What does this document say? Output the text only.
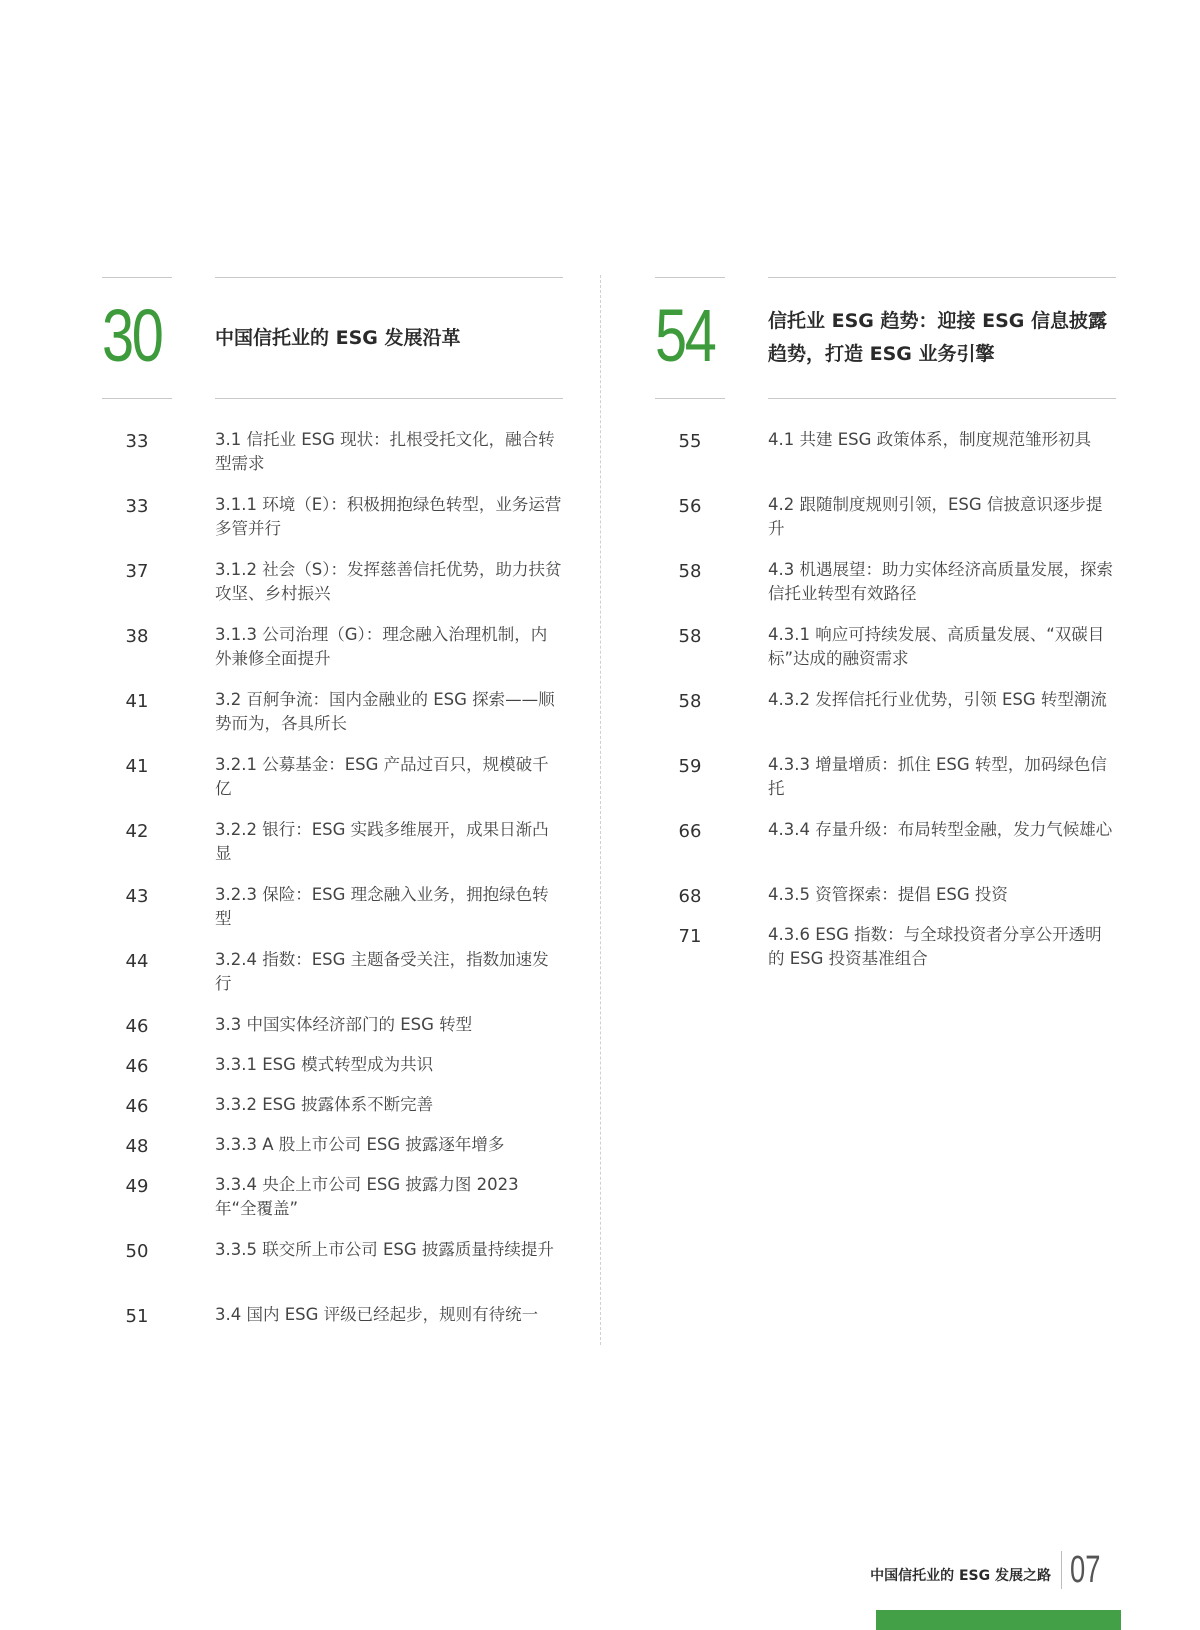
30	中国信托业的 ESG 发展沿革
33	3.1 信托业 ESG 现状：扎根受托文化，融合转型需求
33	3.1.1 环境（E）：积极拥抱绿色转型，业务运营多管并行
37	3.1.2 社会（S）：发挥慈善信托优势，助力扶贫攻坚、乡村振兴
38	3.1.3 公司治理（G）：理念融入治理机制，内外兼修全面提升
41	3.2 百舸争流：国内金融业的 ESG 探索——顺势而为，各具所长
41	3.2.1 公募基金：ESG 产品过百只，规模破千亿
42	3.2.2 银行：ESG 实践多维展开，成果日渐凸显
43	3.2.3 保险：ESG 理念融入业务，拥抱绿色转型
44	3.2.4 指数：ESG 主题备受关注，指数加速发行
46	3.3 中国实体经济部门的 ESG 转型
46	3.3.1 ESG 模式转型成为共识
46	3.3.2 ESG 披露体系不断完善
48	3.3.3 A 股上市公司 ESG 披露逐年增多
49	3.3.4 央企上市公司 ESG 披露力图 2023 年“全覆盖”
50	3.3.5 联交所上市公司 ESG 披露质量持续提升
51	3.4 国内 ESG 评级已经起步，规则有待统一
54	信托业 ESG 趋势：迎接 ESG 信息披露趋势，打造 ESG 业务引擎
55	4.1 共建 ESG 政策体系，制度规范雏形初具
56	4.2 跟随制度规则引领，ESG 信披意识逐步提升
58	4.3 机遇展望：助力实体经济高质量发展，探索信托业转型有效路径
58	4.3.1 响应可持续发展、高质量发展、“双碳目标”达成的融资需求
58	4.3.2 发挥信托行业优势，引领 ESG 转型潮流
59	4.3.3 增量增质：抓住 ESG 转型，加码绿色信托
66	4.3.4 存量升级：布局转型金融，发力气候雄心
68	4.3.5 资管探索：提倡 ESG 投资
71	4.3.6 ESG 指数：与全球投资者分享公开透明的 ESG 投资基准组合
中国信托业的 ESG 发展之路 07
